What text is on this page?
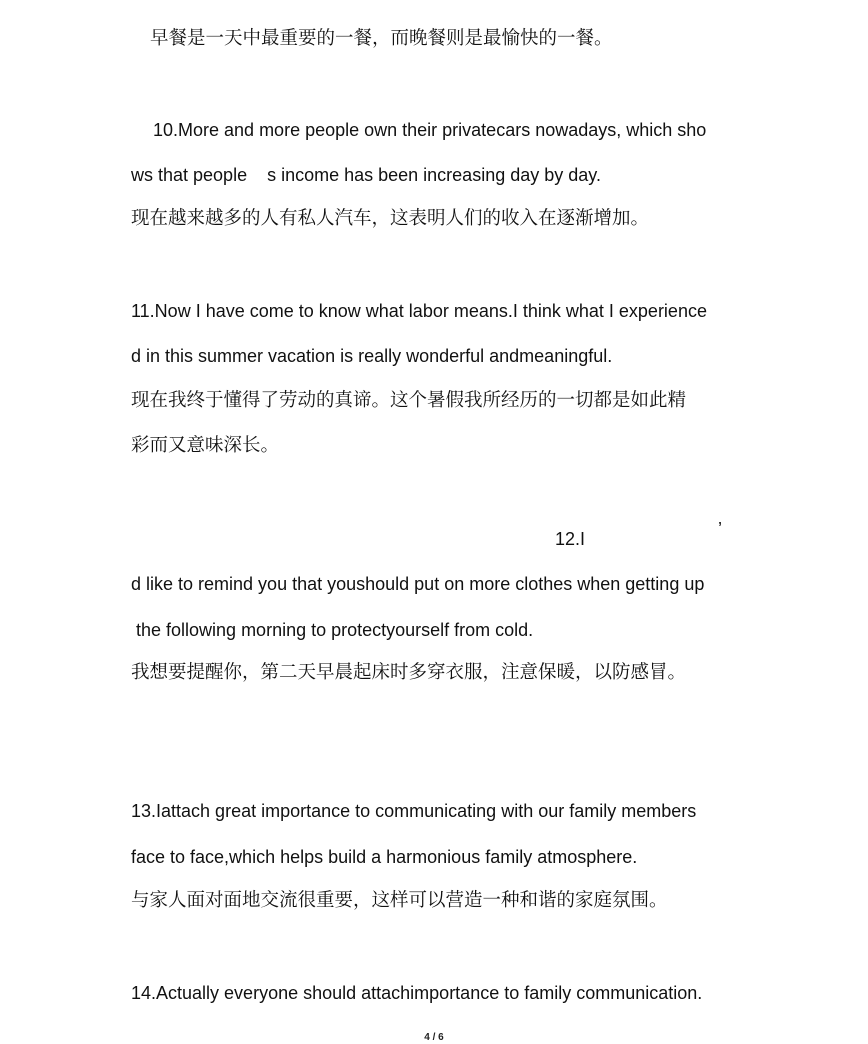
早餐是一天中最重要的一餐，而晚餐则是最愉快的一餐。
10.More and more people own their privatecars nowadays, which sho
ws that people s income has been increasing day by day.
现在越来越多的人有私人汽车，这表明人们的收入在逐渐增加。
11.Now I have come to know what labor means.I think what I experience
d in this summer vacation is really wonderful andmeaningful.
现在我终于懂得了劳动的真谛。这个暑假我所经历的一切都是如此精
彩而又意味深长。
12.I	’
d like to remind you that youshould put on more clothes when getting up
the following morning to protectyourself from cold.
我想要提醒你，第二天早晨起床时多穿衣服，注意保暖，以防感冒。
13.Iattach great importance to communicating with our family members
face to face,which helps build a harmonious family atmosphere.
与家人面对面地交流很重要，这样可以营造一种和谐的家庭氛围。
14.Actually everyone should attachimportance to family communication.
4 / 6
